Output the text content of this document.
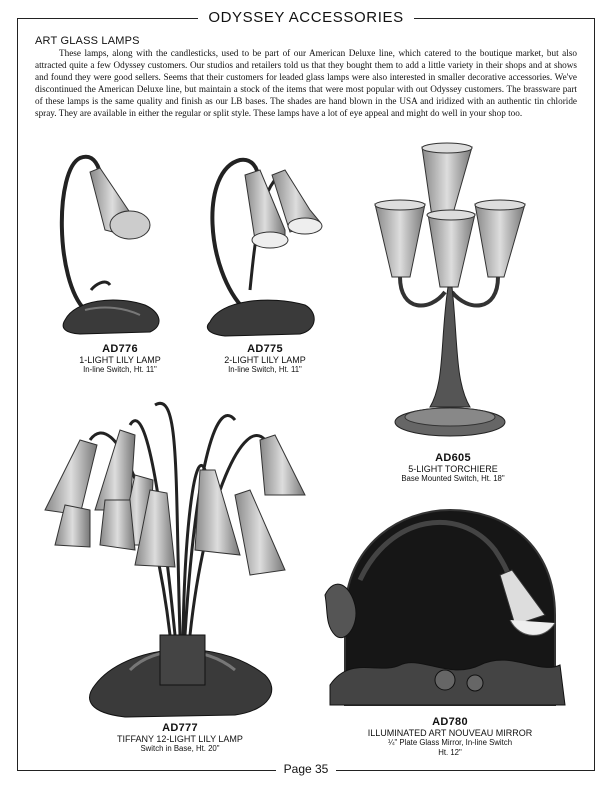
ODYSSEY ACCESSORIES
ART GLASS LAMPS

These lamps, along with the candlesticks, used to be part of our American Deluxe line, which catered to the boutique market, but also attracted quite a few Odyssey customers. Our studios and retailers told us that they bought them to add a little variety in their shops and at shows and found they were good sellers. Seems that their customers for leaded glass lamps were also interested in smaller decorative accessories. We've discontinued the American Deluxe line, but maintain a stock of the items that were most popular with out Odyssey customers. The brassware part of these lamps is the same quality and finish as our LB bases. The shades are hand blown in the USA and iridized with an authentic tin chloride spray. They are available in either the regular or split style. These lamps have a lot of eye appeal and might do well in your shop too.

AD776
1-LIGHT LILY LAMP
In-line Switch, Ht. 11"
AD775
2-LIGHT LILY LAMP
In-line Switch, Ht. 11"
AD605
5-LIGHT TORCHIERE
Base Mounted Switch, Ht. 18"
AD777
TIFFANY 12-LIGHT LILY LAMP
Switch in Base, Ht. 20"
AD780
ILLUMINATED ART NOUVEAU MIRROR
¼" Plate Glass Mirror, In-line Switch
Ht. 12"
Page 35
